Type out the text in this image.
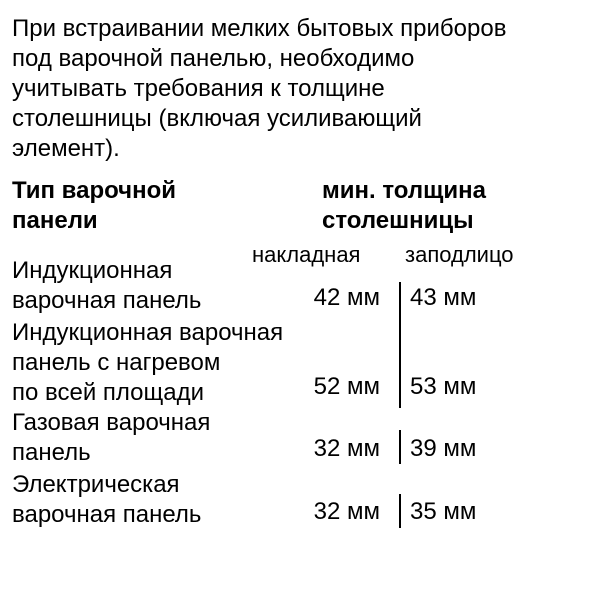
При встраивании мелких бытовых приборов
под варочной панелью, необходимо
учитывать требования к толщине
столешницы (включая усиливающий
элемент).
Тип варочной
панели
мин. толщина
столешницы
накладная заподлицо
Индукционная
варочная панель	42 мм 43 мм
Индукционная варочная
панель с нагревом
по всей площади	52 мм 53 мм
Газовая варочная
панель	32 мм 39 мм
Электрическая
варочная панель	32 мм 35 мм
